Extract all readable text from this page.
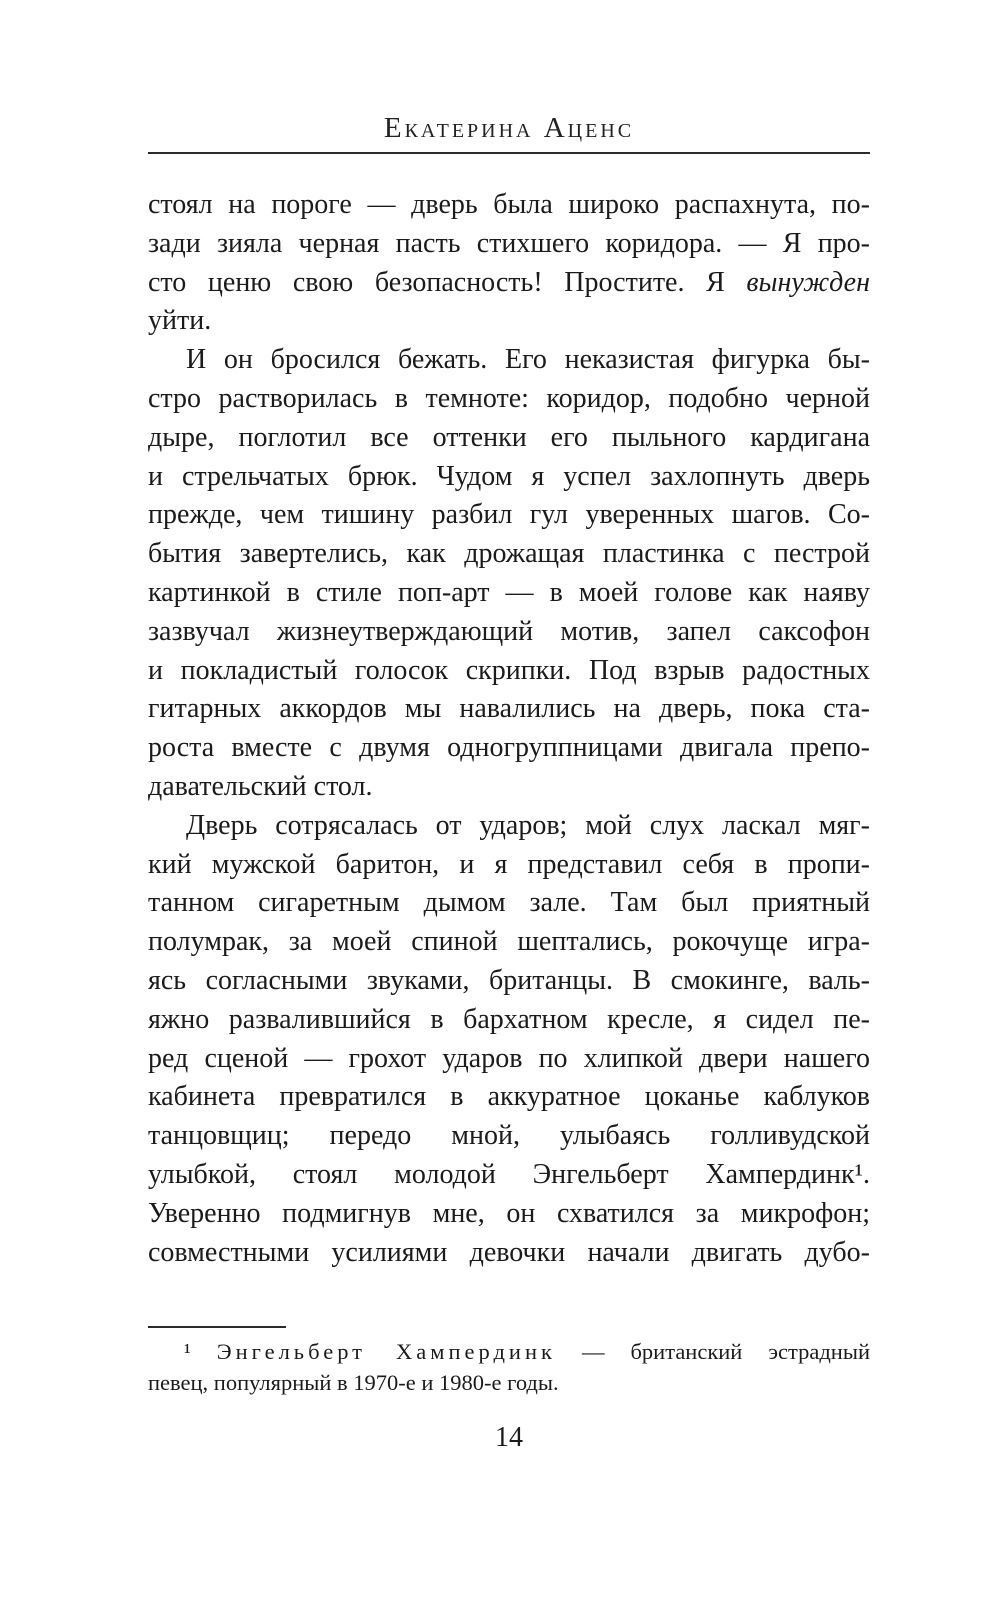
Екатерина Аценс
стоял на пороге — дверь была широко распахнута, по-
зади зияла черная пасть стихшего коридора. — Я про-
сто ценю свою безопасность! Простите. Я вынужден
уйти.
И он бросился бежать. Его неказистая фигурка бы-
стро растворилась в темноте: коридор, подобно черной
дыре, поглотил все оттенки его пыльного кардигана
и стрельчатых брюк. Чудом я успел захлопнуть дверь
прежде, чем тишину разбил гул уверенных шагов. Со-
бытия завертелись, как дрожащая пластинка с пестрой
картинкой в стиле поп-арт — в моей голове как наяву
зазвучал жизнеутверждающий мотив, запел саксофон
и покладистый голосок скрипки. Под взрыв радостных
гитарных аккордов мы навалились на дверь, пока ста-
роста вместе с двумя одногруппницами двигала препо-
давательский стол.
Дверь сотрясалась от ударов; мой слух ласкал мяг-
кий мужской баритон, и я представил себя в пропи-
танном сигаретным дымом зале. Там был приятный
полумрак, за моей спиной шептались, рокочуще игра-
ясь согласными звуками, британцы. В смокинге, валь-
яжно развалившийся в бархатном кресле, я сидел пе-
ред сценой — грохот ударов по хлипкой двери нашего
кабинета превратился в аккуратное цоканье каблуков
танцовщиц; передо мной, улыбаясь голливудской
улыбкой, стоял молодой Энгельберт Хампердинк¹.
Уверенно подмигнув мне, он схватился за микрофон;
совместными усилиями девочки начали двигать дубо-
¹ Энгельберт Хампердинк — британский эстрадный
певец, популярный в 1970-е и 1980-е годы.
14
